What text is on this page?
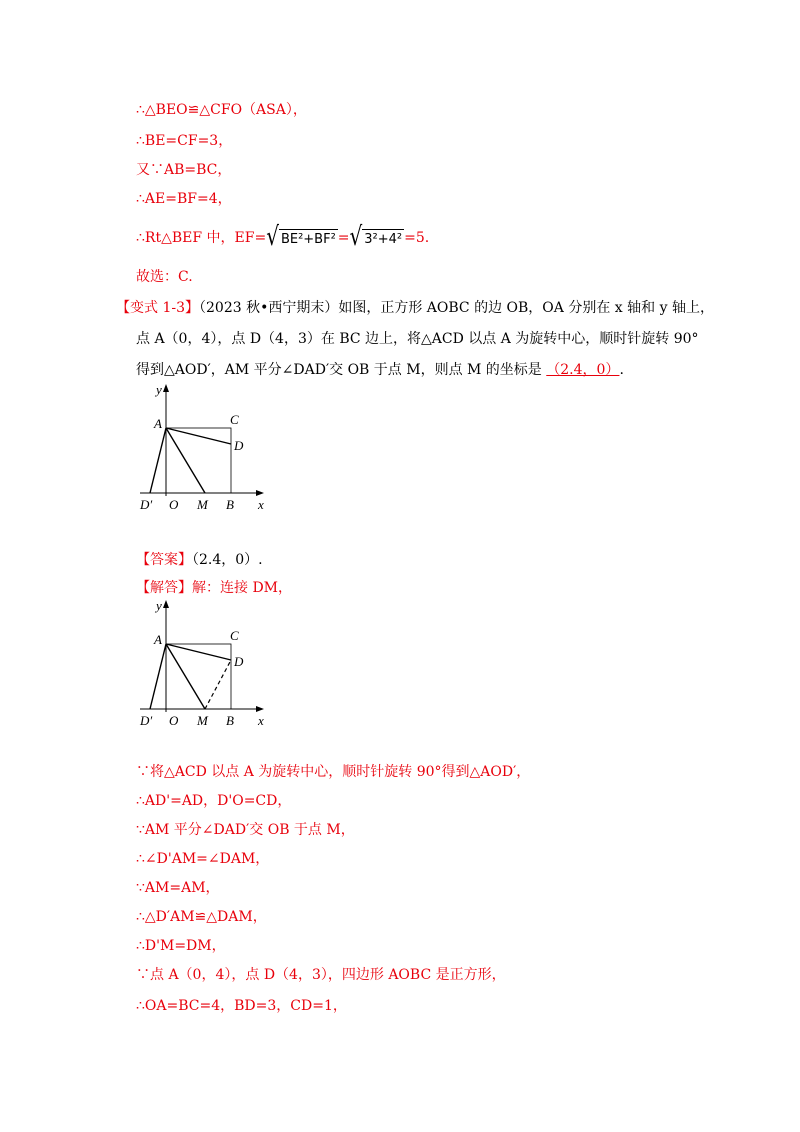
∴△BEO≌△CFO（ASA），
∴BE=CF=3，
又∵AB=BC，
∴AE=BF=4，
∴Rt△BEF 中，EF=√ BE²+BF² =√ 3²+4² =5.
故选：C.
【变式 1-3】（2023 秋•西宁期末）如图，正方形 AOBC 的边 OB，OA 分别在 x 轴和 y 轴上，
点 A（0，4），点 D（4，3）在 BC 边上，将△ACD 以点 A 为旋转中心，顺时针旋转 90°
得到△AOD′，AM 平分∠DAD′交 OB 于点 M，则点 M 的坐标是 （2.4，0）.
y
A	C
D
D′ O M B x
【答案】（2.4，0）.
【解答】解：连接 DM，
y
A	C
D
D′ O M B x
∵将△ACD 以点 A 为旋转中心，顺时针旋转 90°得到△AOD′，
∴AD'=AD，D'O=CD，
∵AM 平分∠DAD′交 OB 于点 M，
∴∠D'AM=∠DAM，
∵AM=AM，
∴△D′AM≌△DAM，
∴D'M=DM，
∵点 A（0，4），点 D（4，3），四边形 AOBC 是正方形，
∴OA=BC=4，BD=3，CD=1，
